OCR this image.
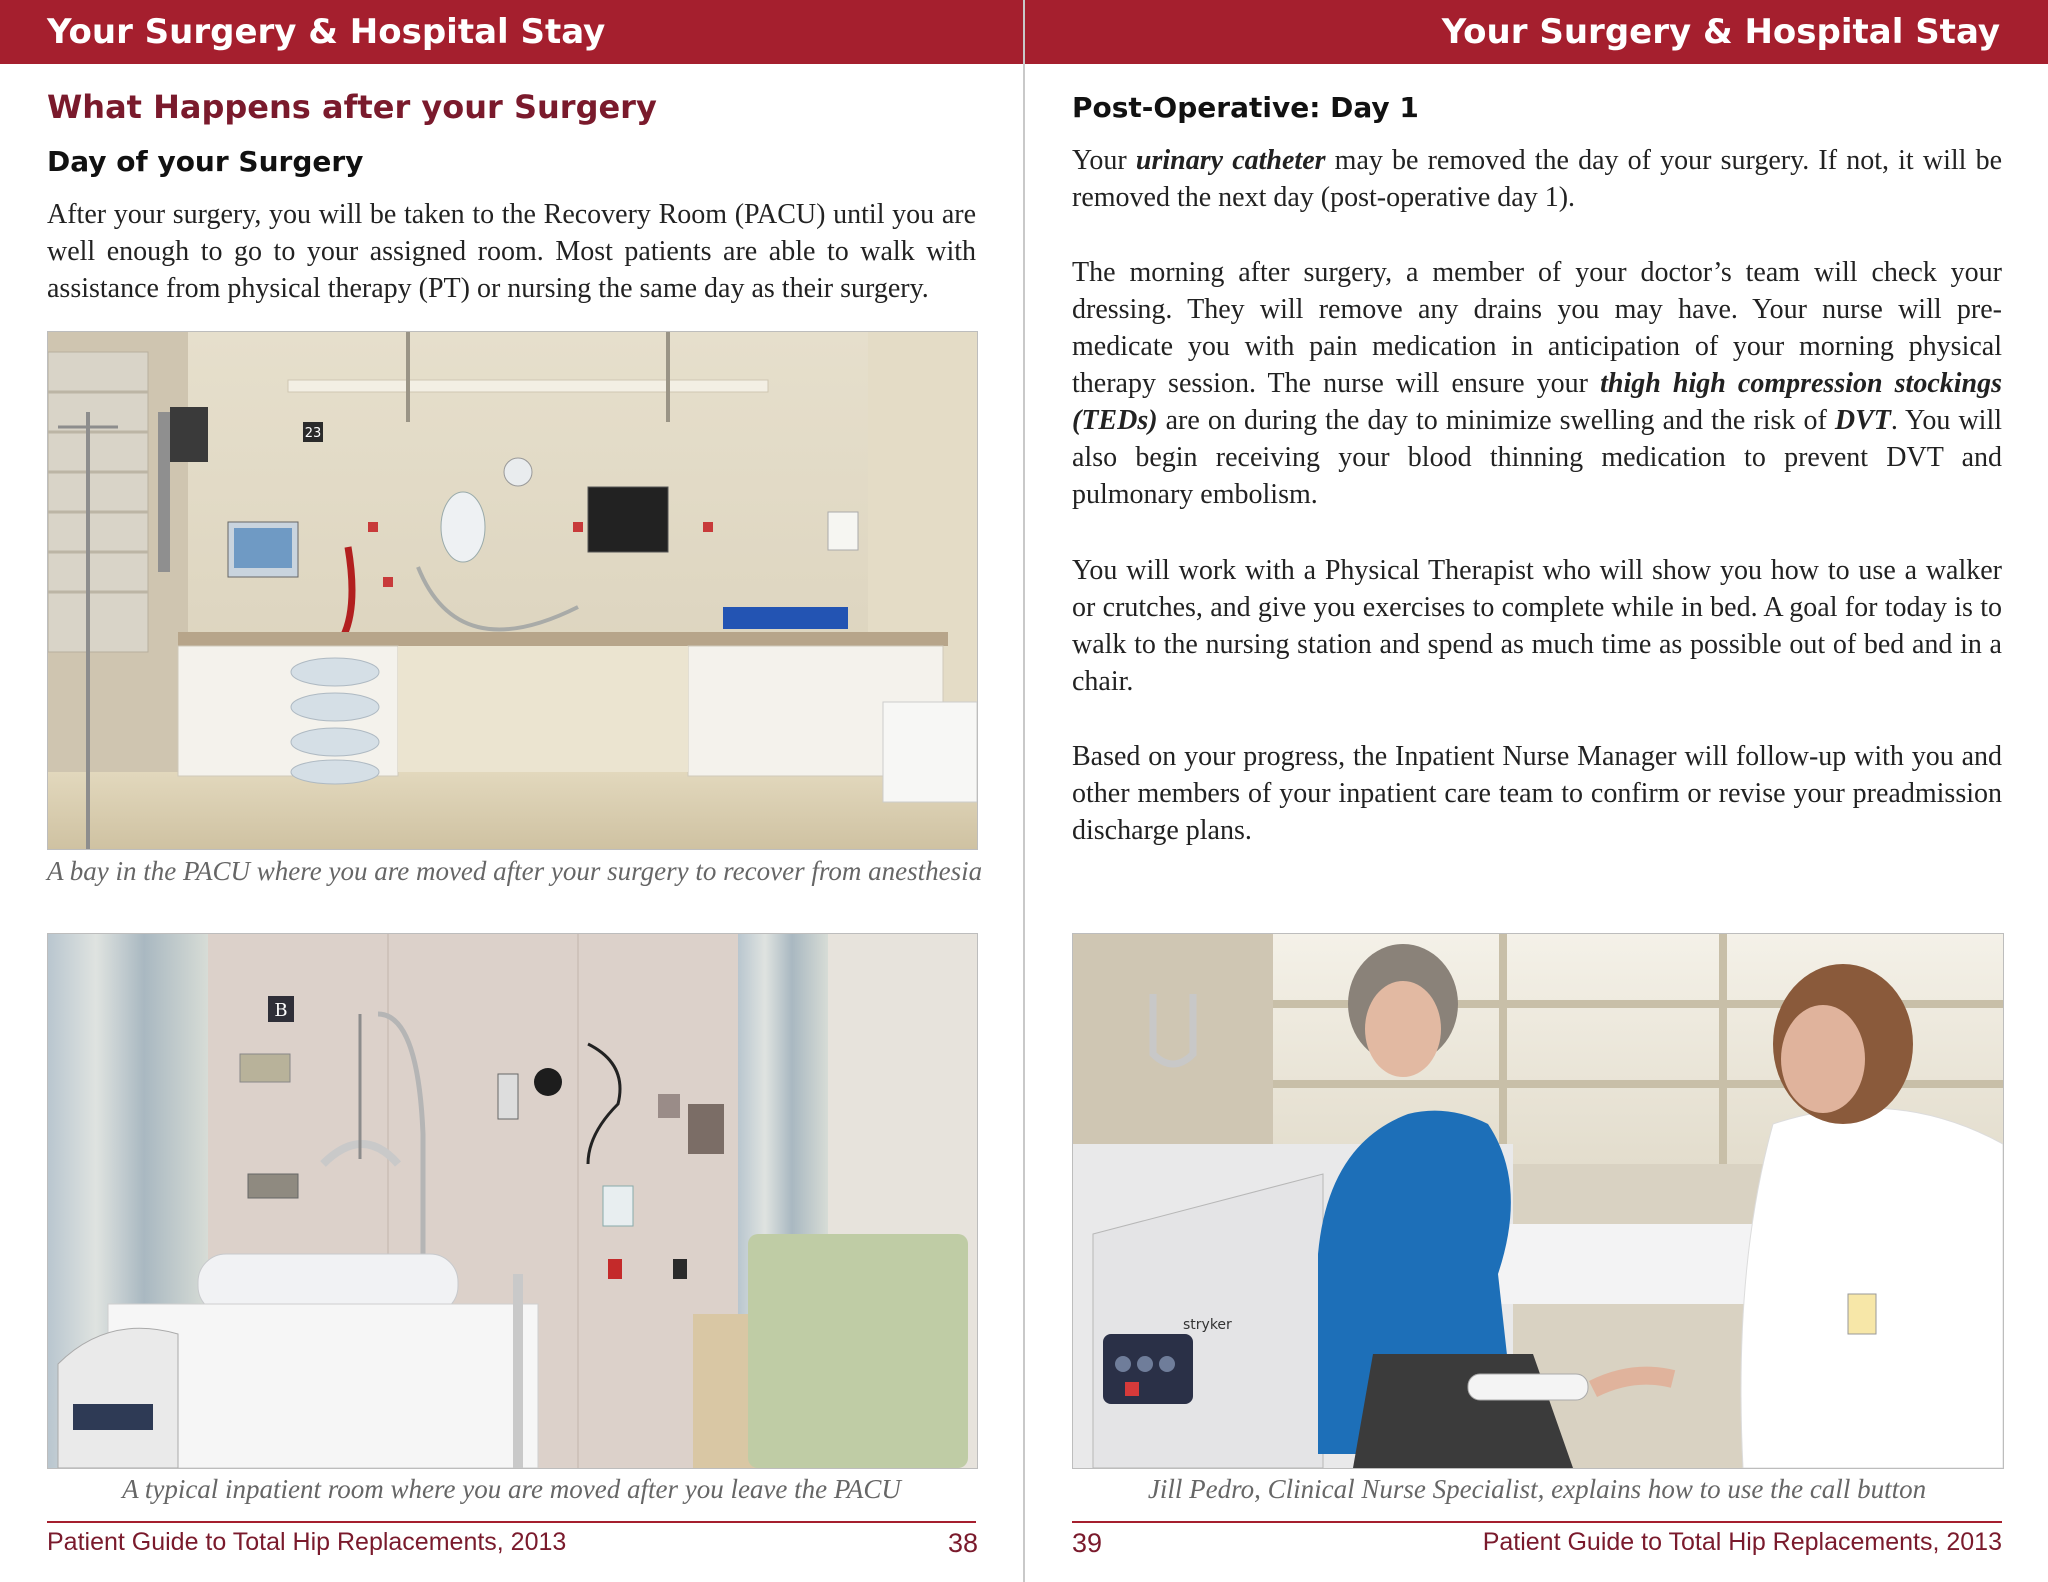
Your Surgery & Hospital Stay
What Happens after your Surgery
Day of your Surgery

After your surgery, you will be taken to the Recovery Room (PACU) until you are well enough to go to your assigned room. Most patients are able to walk with assistance from physical therapy (PT) or nursing the same day as their surgery.

23
A bay in the PACU where you are moved after your surgery to recover from anesthesia
B
A typical inpatient room where you are moved after you leave the PACU
Patient Guide to Total Hip Replacements, 2013	38
Your Surgery & Hospital Stay
Post-Operative: Day 1

Your urinary catheter may be removed the day of your surgery. If not, it will be removed the next day (post-operative day 1).

The morning after surgery, a member of your doctor’s team will check your dressing. They will remove any drains you may have. Your nurse will pre-medicate you with pain medication in anticipation of your morning physical therapy session. The nurse will ensure your thigh high compression stockings (TEDs) are on during the day to minimize swelling and the risk of DVT. You will also begin receiving your blood thinning medication to prevent DVT and pulmonary embolism.

You will work with a Physical Therapist who will show you how to use a walker or crutches, and give you exercises to complete while in bed. A goal for today is to walk to the nursing station and spend as much time as possible out of bed and in a chair.

Based on your progress, the Inpatient Nurse Manager will follow-up with you and other members of your inpatient care team to confirm or revise your preadmission discharge plans.

stryker
Jill Pedro, Clinical Nurse Specialist, explains how to use the call button
39	Patient Guide to Total Hip Replacements, 2013
